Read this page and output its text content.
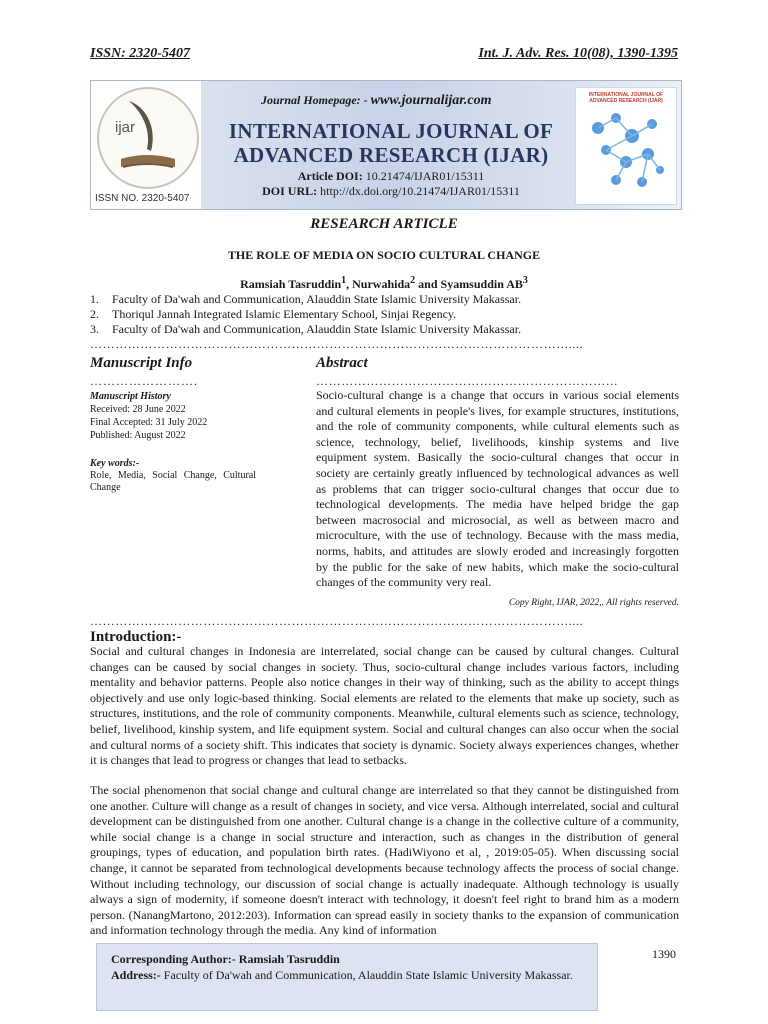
ISSN: 2320-5407	Int. J. Adv. Res. 10(08), 1390-1395
ijar
ISSN NO. 2320-5407
Journal Homepage: - www.journalijar.com
INTERNATIONAL JOURNAL OF ADVANCED RESEARCH (IJAR)
Article DOI: 10.21474/IJAR01/15311
DOI URL: http://dx.doi.org/10.21474/IJAR01/15311
INTERNATIONAL JOURNAL OF ADVANCED RESEARCH (IJAR)
RESEARCH ARTICLE
THE ROLE OF MEDIA ON SOCIO CULTURAL CHANGE
Ramsiah Tasruddin$^1$, Nurwahida$^2$ and Syamsuddin $AB^3$
1. Faculty of Da'wah and Communication, Alauddin State Islamic University Makassar.
2. Thoriqul Jannah Integrated Islamic Elementary School, Sinjai Regency.
3. Faculty of Da'wah and Communication, Alauddin State Islamic University Makassar.
……………………………………………………………………………………………………....
Manuscript Info
…………………….
Manuscript History
Received: 28 June 2022
Final Accepted: 31 July 2022
Published: August 2022
Key words:-
Role, Media, Social Change, Cultural Change
Abstract
………………………………………………………………
Socio-cultural change is a change that occurs in various social elements and cultural elements in people's lives, for example structures, institutions, and the role of community components, while cultural elements such as science, technology, belief, livelihoods, kinship systems and live equipment system. Basically the socio-cultural changes that occur in society are certainly greatly influenced by technological advances as well as problems that can trigger socio-cultural changes that occur due to technological developments. The media have helped bridge the gap between macrosocial and microsocial, as well as between macro and microculture, with the use of technology. Because with the mass media, norms, habits, and attitudes are slowly eroded and increasingly forgotten by the public for the sake of new habits, which make the socio-cultural changes of the community very real.
Copy Right, IJAR, 2022,. All rights reserved.
……………………………………………………………………………………………………....
Introduction:-
Social and cultural changes in Indonesia are interrelated, social change can be caused by cultural changes. Cultural changes can be caused by social changes in society. Thus, socio-cultural change includes various factors, including mentality and behavior patterns. People also notice changes in their way of thinking, such as the ability to accept things objectively and use only logic-based thinking. Social elements are related to the elements that make up society, such as structures, institutions, and the role of community components. Meanwhile, cultural elements such as science, technology, belief, livelihood, kinship system, and life equipment system. Social and cultural changes can also occur when the social and cultural norms of a society shift. This indicates that society is dynamic. Society always experiences changes, whether it is changes that lead to progress or changes that lead to setbacks.
The social phenomenon that social change and cultural change are interrelated so that they cannot be distinguished from one another. Culture will change as a result of changes in society, and vice versa. Although interrelated, social and cultural development can be distinguished from one another. Cultural change is a change in the collective culture of a community, while social change is a change in social structure and interaction, such as changes in the distribution of general groupings, types of education, and population birth rates. (HadiWiyono et al, , 2019:05-05). When discussing social change, it cannot be separated from technological developments because technology affects the process of social change. Without including technology, our discussion of social change is actually inadequate. Although technology is usually always a sign of modernity, if someone doesn't interact with technology, it doesn't feel right to brand him as a modern person. (NanangMartono, 2012:203). Information can spread easily in society thanks to the expansion of communication and information technology through the media. Any kind of information
Corresponding Author:- Ramsiah Tasruddin
Address:- Faculty of Da'wah and Communication, Alauddin State Islamic University Makassar.
1390
